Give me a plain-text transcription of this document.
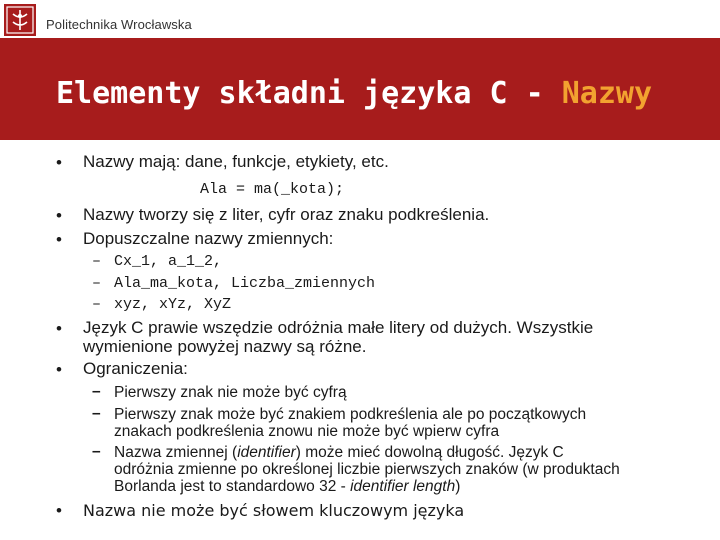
Politechnika Wrocławska
Elementy składni języka C - Nazwy
• Nazwy mają: dane, funkcje, etykiety, etc.
Ala = ma(_kota);
• Nazwy tworzy się z liter, cyfr oraz znaku podkreślenia.
• Dopuszczalne nazwy zmiennych:
– Cx_1, a_1_2,
– Ala_ma_kota, Liczba_zmiennych
– xyz, xYz, XyZ
• Język C prawie wszędzie odróżnia małe litery od dużych. Wszystkie
wymienione powyżej nazwy są różne.
• Ograniczenia:
– Pierwszy znak nie może być cyfrą
– Pierwszy znak może być znakiem podkreślenia ale po początkowych
znakach podkreślenia znowu nie może być wpierw cyfra
– Nazwa zmiennej (identifier) może mieć dowolną długość. Język C
odróżnia zmienne po określonej liczbie pierwszych znaków (w produktach
Borlanda jest to standardowo 32 - identifier length)
• Nazwa nie może być słowem kluczowym języka
